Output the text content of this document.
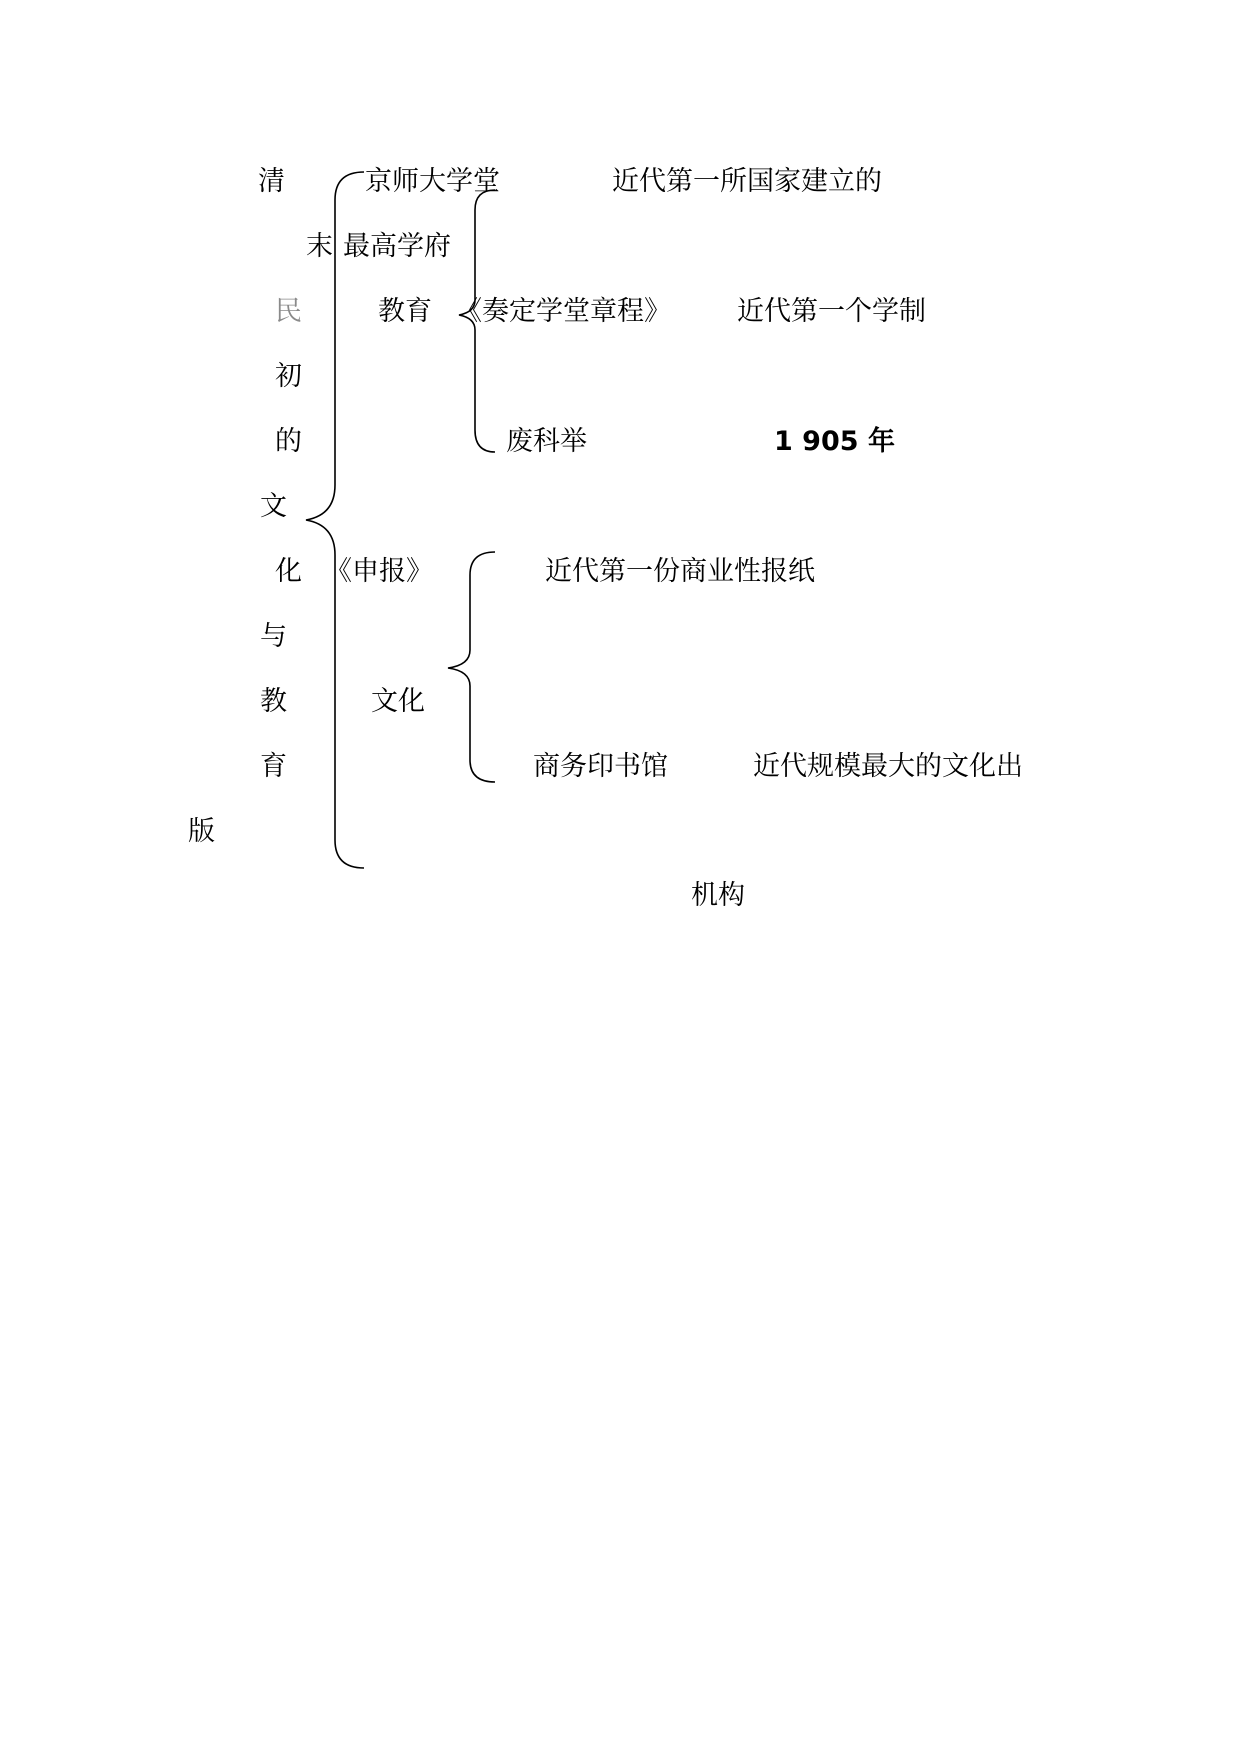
清
末
民
初
的
文
化
与
教
育
版
京师大学堂	近代第一所国家建立的
最高学府
教育 《奏定学堂章程》 近代第一个学制
废科举	1 905 年
《申报》	近代第一份商业性报纸
文化
商务印书馆	近代规模最大的文化出
机构
